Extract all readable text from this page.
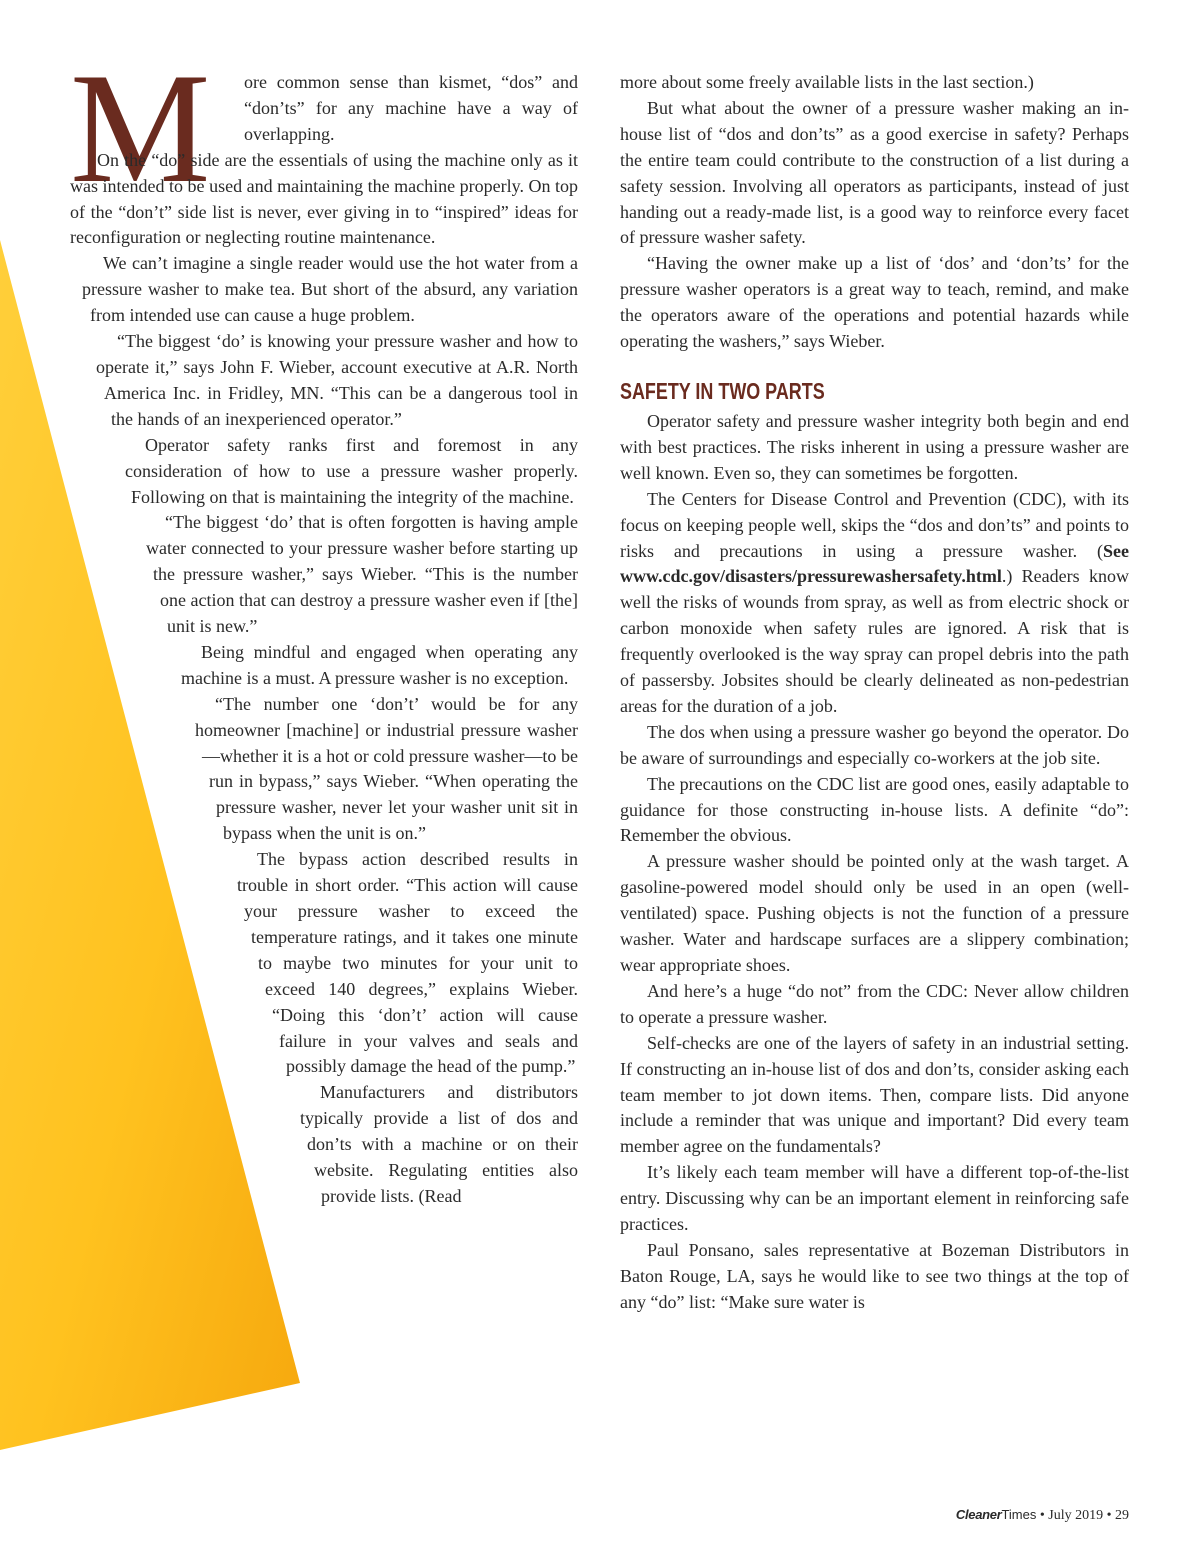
M ore common sense than kismet, “dos” and “don’ts” for any machine have a way of overlapping.

On the “do” side are the essentials of using the machine only as it was intended to be used and maintaining the machine properly. On top of the “don’t” side list is never, ever giving in to “inspired” ideas for reconfiguration or neglecting routine maintenance.

We can’t imagine a single reader would use the hot water from a pressure washer to make tea. But short of the absurd, any variation from intended use can cause a huge problem.

“The biggest ‘do’ is knowing your pressure washer and how to operate it,” says John F. Wieber, account executive at A.R. North America Inc. in Fridley, MN. “This can be a dangerous tool in the hands of an inexperienced operator.”

Operator safety ranks first and foremost in any consideration of how to use a pressure washer properly. Following on that is maintaining the integrity of the machine.

“The biggest ‘do’ that is often forgotten is having ample water connected to your pressure washer before starting up the pressure washer,” says Wieber. “This is the number one action that can destroy a pressure washer even if [the] unit is new.”

Being mindful and engaged when operating any machine is a must. A pressure washer is no exception.

“The number one ‘don’t’ would be for any homeowner [machine] or industrial pressure washer—whether it is a hot or cold pressure washer—to be run in bypass,” says Wieber. “When operating the pressure washer, never let your washer unit sit in bypass when the unit is on.”

The bypass action described results in trouble in short order. “This action will cause your pressure washer to exceed the temperature ratings, and it takes one minute to maybe two minutes for your unit to exceed 140 degrees,” explains Wieber. “Doing this ‘don’t’ action will cause failure in your valves and seals and possibly damage the head of the pump.”

Manufacturers and distributors typically provide a list of dos and don’ts with a machine or on their website. Regulating entities also provide lists. (Read

more about some freely available lists in the last section.)

But what about the owner of a pressure washer making an in-house list of “dos and don’ts” as a good exercise in safety? Perhaps the entire team could contribute to the construction of a list during a safety session. Involving all operators as participants, instead of just handing out a ready-made list, is a good way to reinforce every facet of pressure washer safety.

“Having the owner make up a list of ‘dos’ and ‘don’ts’ for the pressure washer operators is a great way to teach, remind, and make the operators aware of the operations and potential hazards while operating the washers,” says Wieber.

SAFETY IN TWO PARTS

Operator safety and pressure washer integrity both begin and end with best practices. The risks inherent in using a pressure washer are well known. Even so, they can sometimes be forgotten.

The Centers for Disease Control and Prevention (CDC), with its focus on keeping people well, skips the “dos and don’ts” and points to risks and precautions in using a pressure washer. (See www.cdc.gov/disasters/pressurewashersafety.html.) Readers know well the risks of wounds from spray, as well as from electric shock or carbon monoxide when safety rules are ignored. A risk that is frequently overlooked is the way spray can propel debris into the path of passersby. Jobsites should be clearly delineated as non-pedestrian areas for the duration of a job.

The dos when using a pressure washer go beyond the operator. Do be aware of surroundings and especially co-workers at the job site.

The precautions on the CDC list are good ones, easily adaptable to guidance for those constructing in-house lists. A definite “do”: Remember the obvious.

A pressure washer should be pointed only at the wash target. A gasoline-powered model should only be used in an open (well-ventilated) space. Pushing objects is not the function of a pressure washer. Water and hardscape surfaces are a slippery combination; wear appropriate shoes.

And here’s a huge “do not” from the CDC: Never allow children to operate a pressure washer.

Self-checks are one of the layers of safety in an industrial setting. If constructing an in-house list of dos and don’ts, consider asking each team member to jot down items. Then, compare lists. Did anyone include a reminder that was unique and important? Did every team member agree on the fundamentals?

It’s likely each team member will have a different top-of-the-list entry. Discussing why can be an important element in reinforcing safe practices.

Paul Ponsano, sales representative at Bozeman Distributors in Baton Rouge, LA, says he would like to see two things at the top of any “do” list: “Make sure water is

CleanerTimes • July 2019 • 29
